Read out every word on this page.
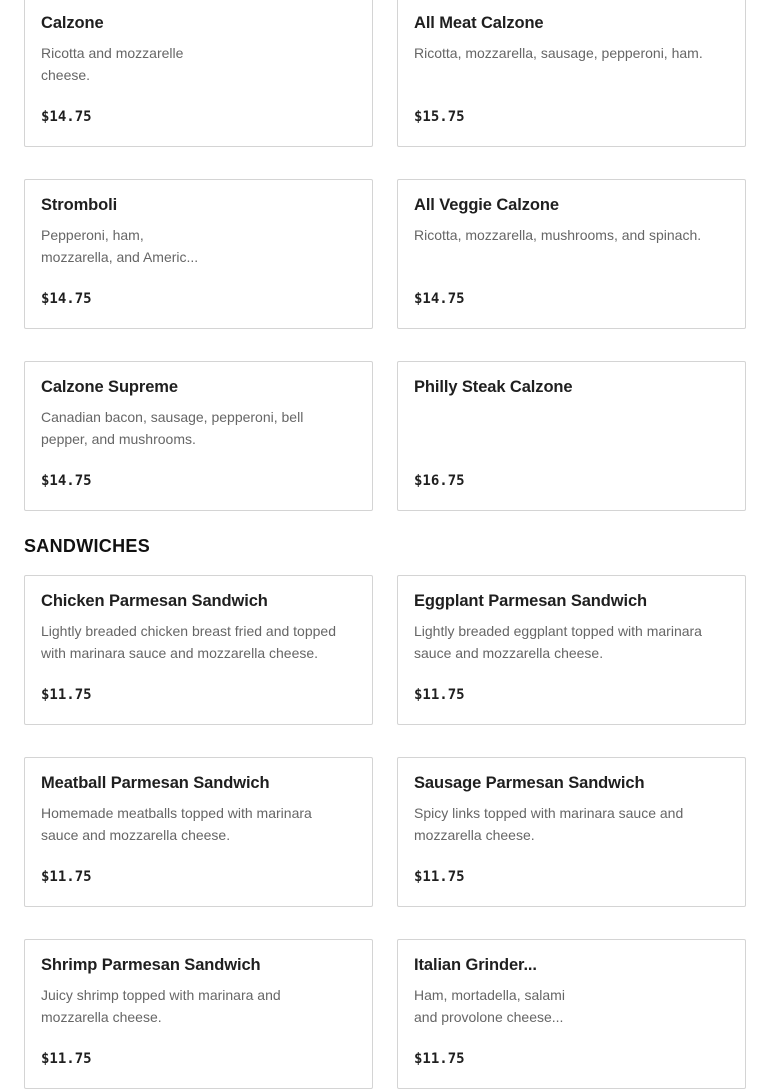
Calzone
Ricotta and mozzarelle cheese.
$14.75
All Meat Calzone
Ricotta, mozzarella, sausage, pepperoni, ham.
$15.75
Stromboli
Pepperoni, ham, mozzarella, and Americ...
$14.75
All Veggie Calzone
Ricotta, mozzarella, mushrooms, and spinach.
$14.75
Calzone Supreme
Canadian bacon, sausage, pepperoni, bell pepper, and mushrooms.
$14.75
Philly Steak Calzone
$16.75
SANDWICHES
Chicken Parmesan Sandwich
Lightly breaded chicken breast fried and topped with marinara sauce and mozzarella cheese.
$11.75
Eggplant Parmesan Sandwich
Lightly breaded eggplant topped with marinara sauce and mozzarella cheese.
$11.75
Meatball Parmesan Sandwich
Homemade meatballs topped with marinara sauce and mozzarella cheese.
$11.75
Sausage Parmesan Sandwich
Spicy links topped with marinara sauce and mozzarella cheese.
$11.75
Shrimp Parmesan Sandwich
Juicy shrimp topped with marinara and mozzarella cheese.
$11.75
Italian Grinder...
Ham, mortadella, salami and provolone cheese...
$11.75
